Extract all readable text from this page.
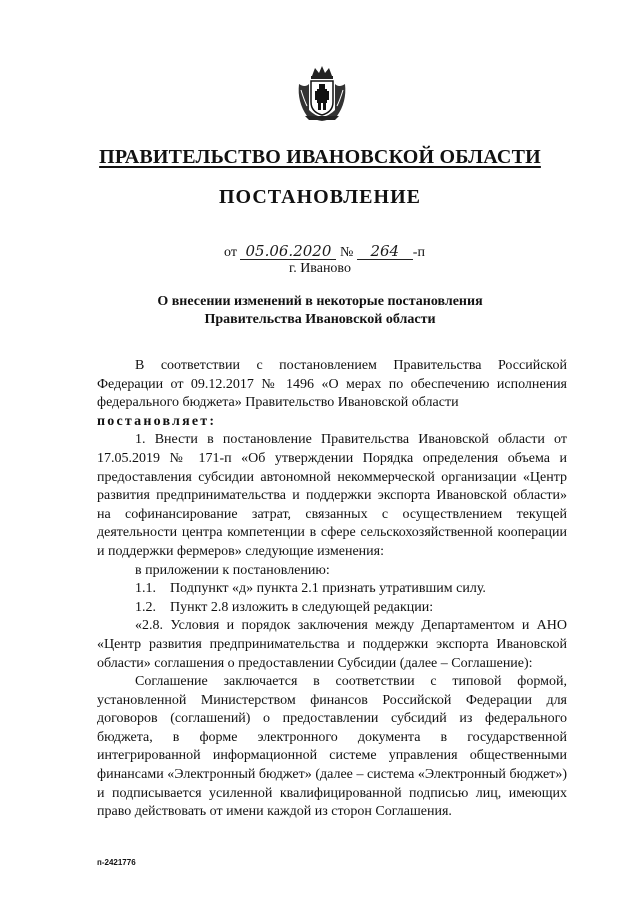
ПРАВИТЕЛЬСТВО ИВАНОВСКОЙ ОБЛАСТИ
ПОСТАНОВЛЕНИЕ
от 05.06.2020 № 264 -п
г. Иваново
О внесении изменений в некоторые постановления
Правительства Ивановской области

В соответствии с постановлением Правительства Российской Федерации от 09.12.2017 № 1496 «О мерах по обеспечению исполнения федерального бюджета» Правительство Ивановской области

постановляет:

1. Внести в постановление Правительства Ивановской области от 17.05.2019 № 171-п «Об утверждении Порядка определения объема и предоставления субсидии автономной некоммерческой организации «Центр развития предпринимательства и поддержки экспорта Ивановской области» на софинансирование затрат, связанных с осуществлением текущей деятельности центра компетенции в сфере сельскохозяйственной кооперации и поддержки фермеров» следующие изменения:

в приложении к постановлению:

1.1. Подпункт «д» пункта 2.1 признать утратившим силу.

1.2. Пункт 2.8 изложить в следующей редакции:

«2.8. Условия и порядок заключения между Департаментом и АНО «Центр развития предпринимательства и поддержки экспорта Ивановской области» соглашения о предоставлении Субсидии (далее – Соглашение):

Соглашение заключается в соответствии с типовой формой, установленной Министерством финансов Российской Федерации для договоров (соглашений) о предоставлении субсидий из федерального бюджета, в форме электронного документа в государственной интегрированной информационной системе управления общественными финансами «Электронный бюджет» (далее – система «Электронный бюджет») и подписывается усиленной квалифицированной подписью лиц, имеющих право действовать от имени каждой из сторон Соглашения.

п-2421776
